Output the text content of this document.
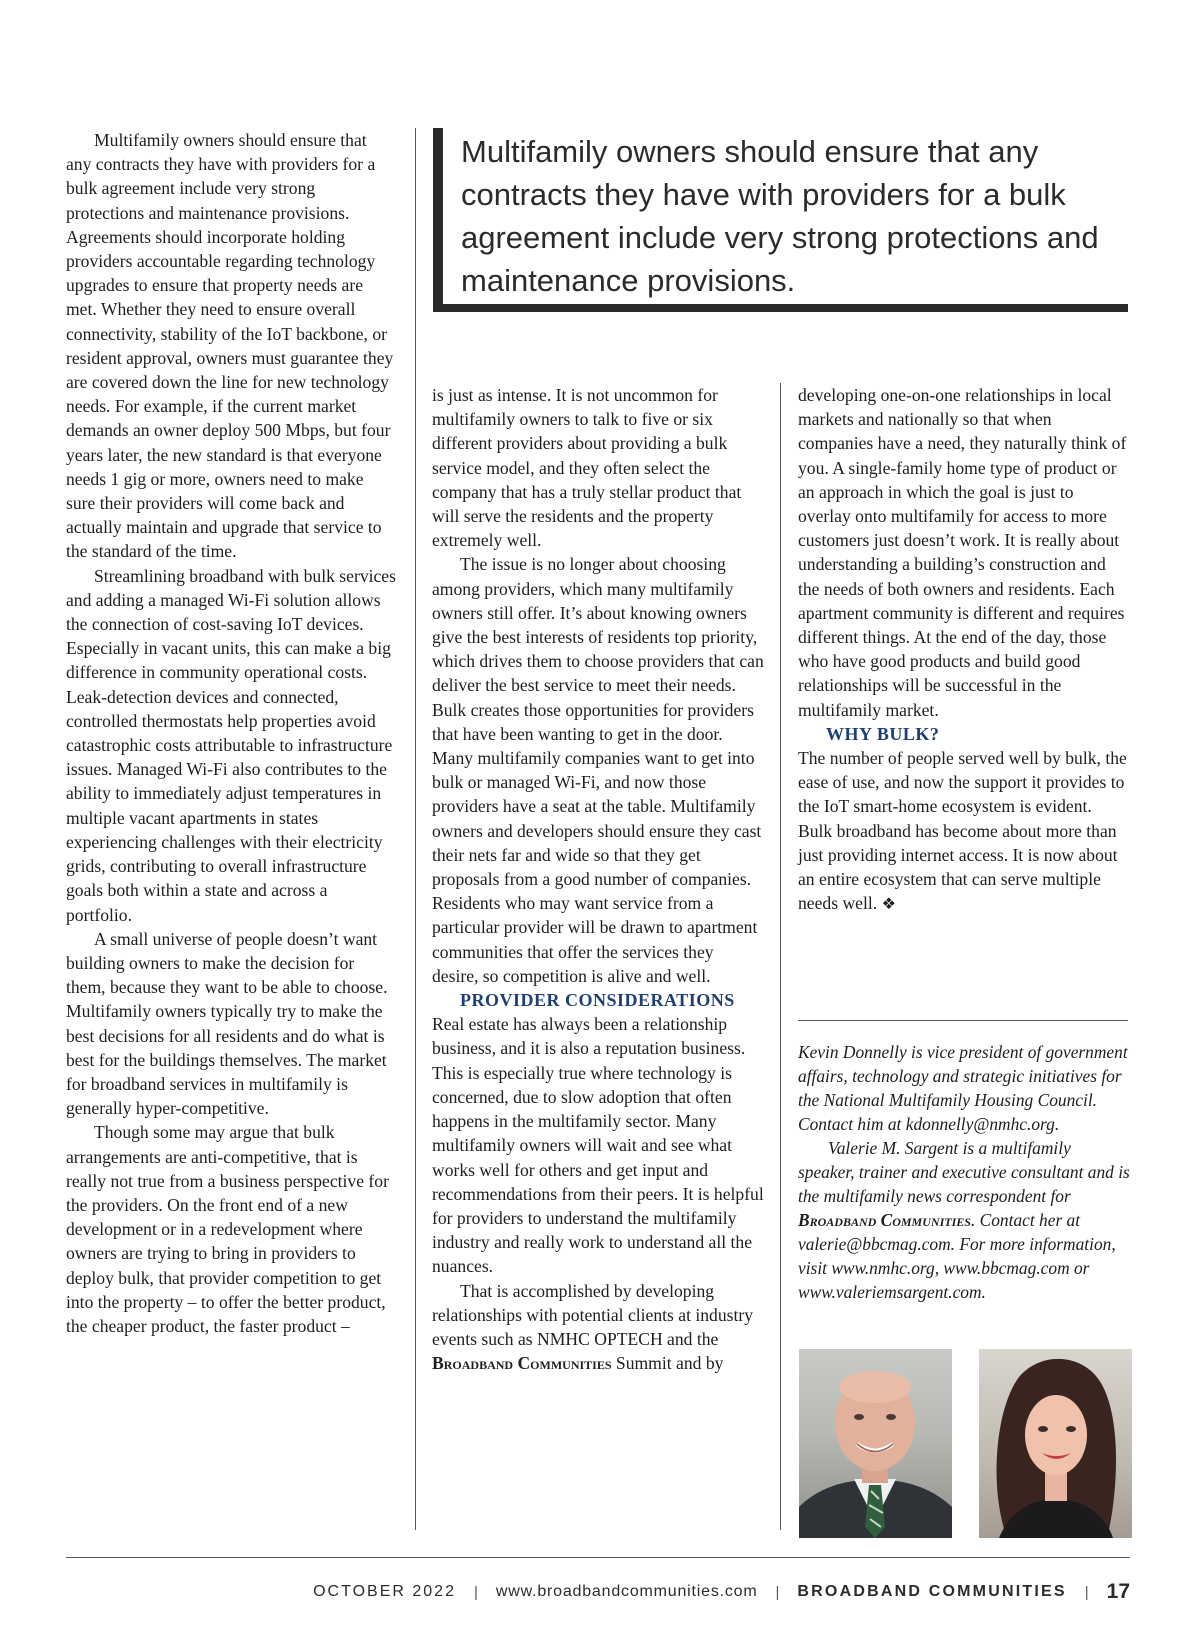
Multifamily owners should ensure that any contracts they have with providers for a bulk agreement include very strong protections and maintenance provisions. Agreements should incorporate holding providers accountable regarding technology upgrades to ensure that property needs are met. Whether they need to ensure overall connectivity, stability of the IoT backbone, or resident approval, owners must guarantee they are covered down the line for new technology needs. For example, if the current market demands an owner deploy 500 Mbps, but four years later, the new standard is that everyone needs 1 gig or more, owners need to make sure their providers will come back and actually maintain and upgrade that service to the standard of the time.

Streamlining broadband with bulk services and adding a managed Wi-Fi solution allows the connection of cost-saving IoT devices. Especially in vacant units, this can make a big difference in community operational costs. Leak-detection devices and connected, controlled thermostats help properties avoid catastrophic costs attributable to infrastructure issues. Managed Wi-Fi also contributes to the ability to immediately adjust temperatures in multiple vacant apartments in states experiencing challenges with their electricity grids, contributing to overall infrastructure goals both within a state and across a portfolio.

A small universe of people doesn’t want building owners to make the decision for them, because they want to be able to choose. Multifamily owners typically try to make the best decisions for all residents and do what is best for the buildings themselves. The market for broadband services in multifamily is generally hyper-competitive.

Though some may argue that bulk arrangements are anti-competitive, that is really not true from a business perspective for the providers. On the front end of a new development or in a redevelopment where owners are trying to bring in providers to deploy bulk, that provider competition to get into the property – to offer the better product, the cheaper product, the faster product –

Multifamily owners should ensure that any contracts they have with providers for a bulk agreement include very strong protections and maintenance provisions.

is just as intense. It is not uncommon for multifamily owners to talk to five or six different providers about providing a bulk service model, and they often select the company that has a truly stellar product that will serve the residents and the property extremely well.

The issue is no longer about choosing among providers, which many multifamily owners still offer. It’s about knowing owners give the best interests of residents top priority, which drives them to choose providers that can deliver the best service to meet their needs. Bulk creates those opportunities for providers that have been wanting to get in the door. Many multifamily companies want to get into bulk or managed Wi-Fi, and now those providers have a seat at the table. Multifamily owners and developers should ensure they cast their nets far and wide so that they get proposals from a good number of companies. Residents who may want service from a particular provider will be drawn to apartment communities that offer the services they desire, so competition is alive and well.

PROVIDER CONSIDERATIONS

Real estate has always been a relationship business, and it is also a reputation business. This is especially true where technology is concerned, due to slow adoption that often happens in the multifamily sector. Many multifamily owners will wait and see what works well for others and get input and recommendations from their peers. It is helpful for providers to understand the multifamily industry and really work to understand all the nuances.

That is accomplished by developing relationships with potential clients at industry events such as NMHC OPTECH and the Broadband Communities Summit and by

developing one-on-one relationships in local markets and nationally so that when companies have a need, they naturally think of you. A single-family home type of product or an approach in which the goal is just to overlay onto multifamily for access to more customers just doesn’t work. It is really about understanding a building’s construction and the needs of both owners and residents. Each apartment community is different and requires different things. At the end of the day, those who have good products and build good relationships will be successful in the multifamily market.

WHY BULK?

The number of people served well by bulk, the ease of use, and now the support it provides to the IoT smart-home ecosystem is evident. Bulk broadband has become about more than just providing internet access. It is now about an entire ecosystem that can serve multiple needs well. ❖

Kevin Donnelly is vice president of government affairs, technology and strategic initiatives for the National Multifamily Housing Council. Contact him at kdonnelly@nmhc.org.

Valerie M. Sargent is a multifamily speaker, trainer and executive consultant and is the multifamily news correspondent for Broadband Communities. Contact her at valerie@bbcmag.com. For more information, visit www.nmhc.org, www.bbcmag.com or www.valeriemsargent.com.

OCTOBER 2022 | www.broadbandcommunities.com | BROADBAND COMMUNITIES | 17
